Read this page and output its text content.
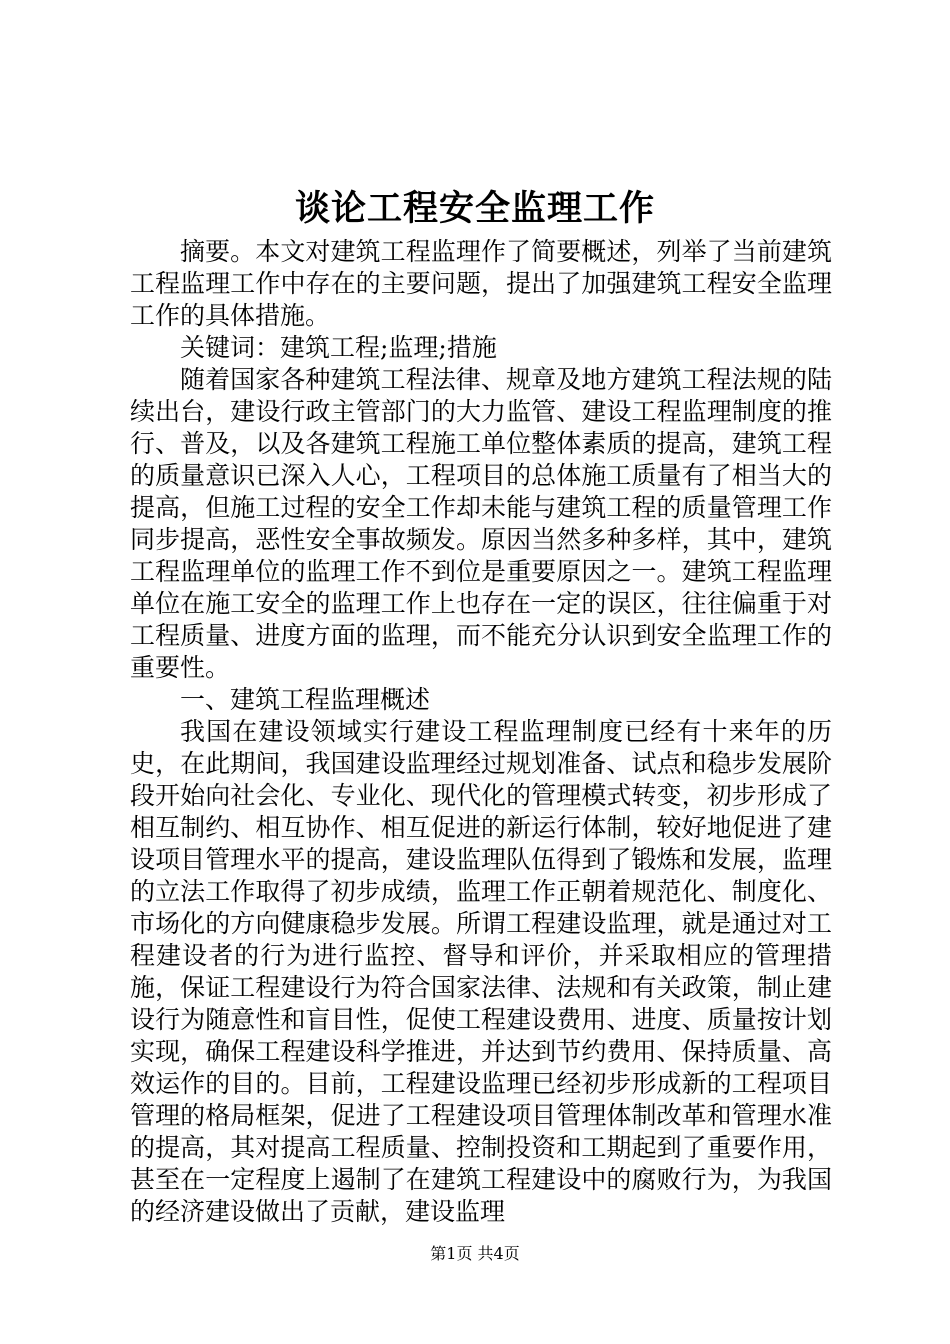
谈论工程安全监理工作

摘要。本文对建筑工程监理作了简要概述，列举了当前建筑工程监理工作中存在的主要问题，提出了加强建筑工程安全监理工作的具体措施。

关键词：建筑工程;监理;措施

随着国家各种建筑工程法律、规章及地方建筑工程法规的陆续出台，建设行政主管部门的大力监管、建设工程监理制度的推行、普及，以及各建筑工程施工单位整体素质的提高，建筑工程的质量意识已深入人心，工程项目的总体施工质量有了相当大的提高，但施工过程的安全工作却未能与建筑工程的质量管理工作同步提高，恶性安全事故频发。原因当然多种多样，其中，建筑工程监理单位的监理工作不到位是重要原因之一。建筑工程监理单位在施工安全的监理工作上也存在一定的误区，往往偏重于对工程质量、进度方面的监理，而不能充分认识到安全监理工作的重要性。

一、建筑工程监理概述

我国在建设领域实行建设工程监理制度已经有十来年的历史，在此期间，我国建设监理经过规划准备、试点和稳步发展阶段开始向社会化、专业化、现代化的管理模式转变，初步形成了相互制约、相互协作、相互促进的新运行体制，较好地促进了建设项目管理水平的提高，建设监理队伍得到了锻炼和发展，监理的立法工作取得了初步成绩，监理工作正朝着规范化、制度化、市场化的方向健康稳步发展。所谓工程建设监理，就是通过对工程建设者的行为进行监控、督导和评价，并采取相应的管理措施，保证工程建设行为符合国家法律、法规和有关政策，制止建设行为随意性和盲目性，促使工程建设费用、进度、质量按计划实现，确保工程建设科学推进，并达到节约费用、保持质量、高效运作的目的。目前，工程建设监理已经初步形成新的工程项目管理的格局框架，促进了工程建设项目管理体制改革和管理水准的提高，其对提高工程质量、控制投资和工期起到了重要作用，甚至在一定程度上遏制了在建筑工程建设中的腐败行为，为我国的经济建设做出了贡献，建设监理

第1页 共4页
